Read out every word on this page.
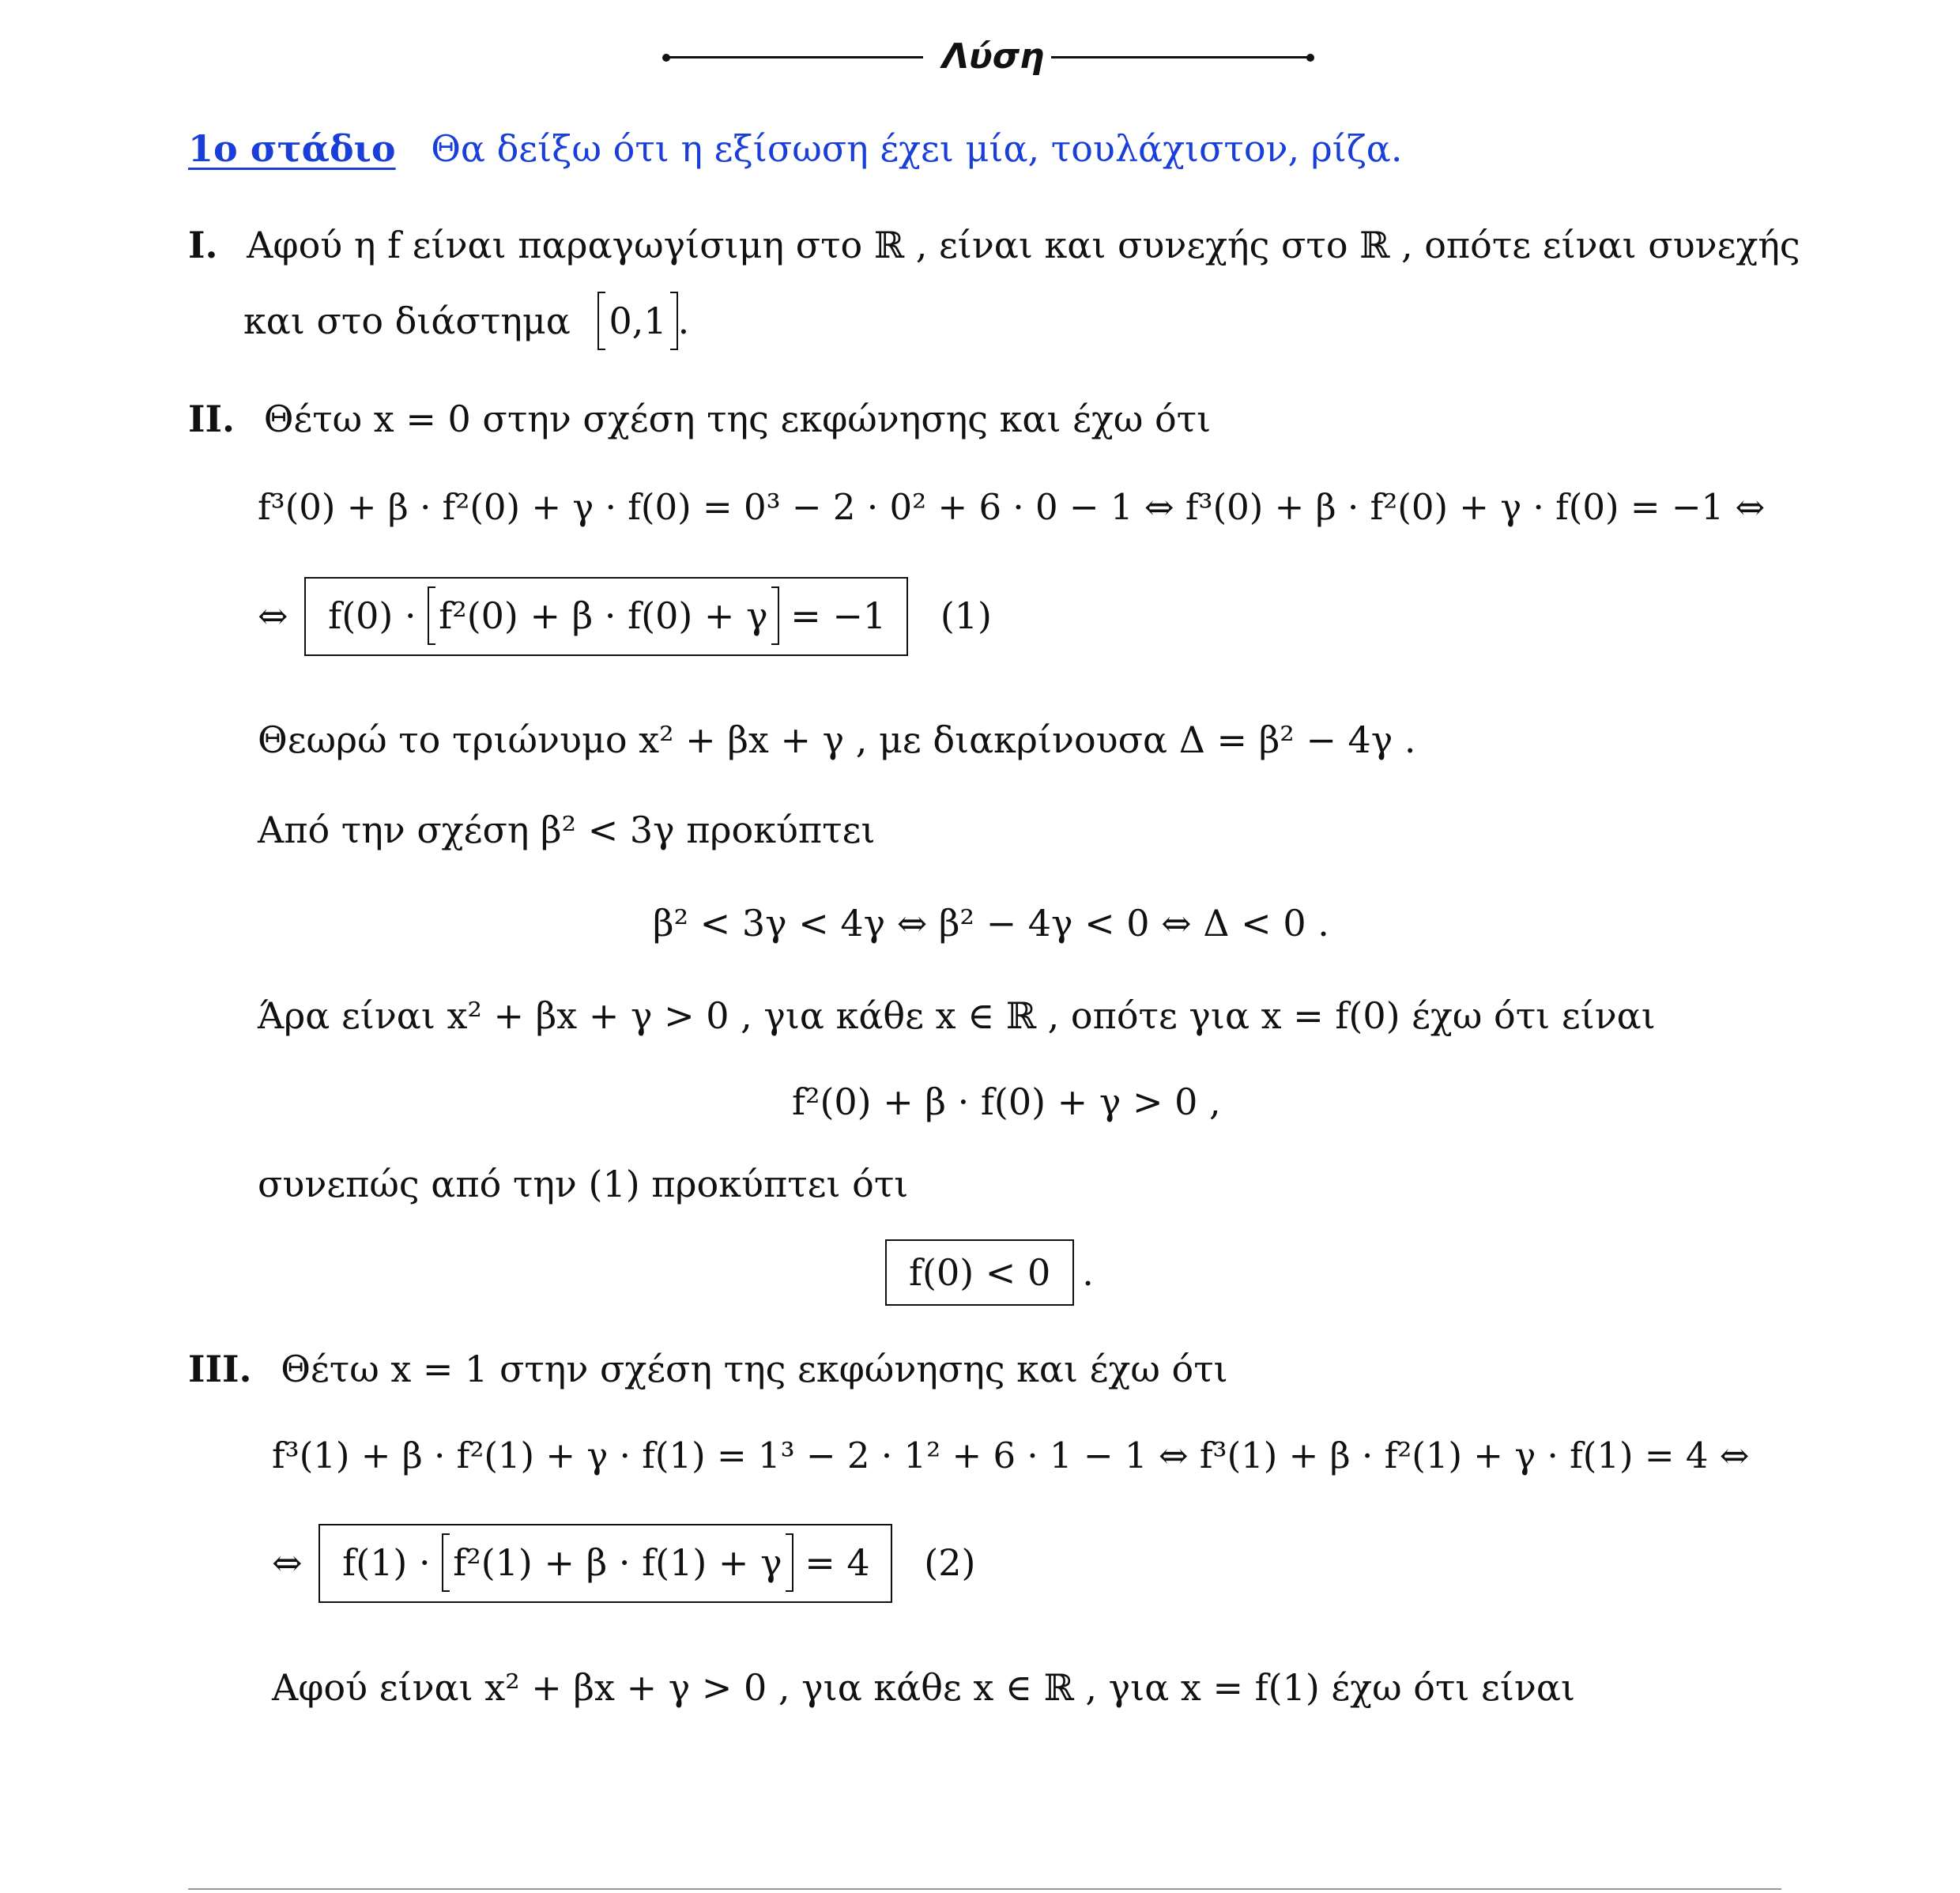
Λύση
1ο στάδιο Θα δείξω ότι η εξίσωση έχει μία, τουλάχιστον, ρίζα.
I. Αφού η f είναι παραγωγίσιμη στο ℝ , είναι και συνεχής στο ℝ , οπότε είναι συνεχής
και στο διάστημα 0,1 .
II. Θέτω x = 0 στην σχέση της εκφώνησης και έχω ότι
f³(0) + β · f²(0) + γ · f(0) = 0³ − 2 · 0² + 6 · 0 − 1 ⇔ f³(0) + β · f²(0) + γ · f(0) = −1 ⇔
⇔ f(0) · f²(0) + β · f(0) + γ = −1 (1)
Θεωρώ το τριώνυμο x² + βx + γ , με διακρίνουσα Δ = β² − 4γ .
Από την σχέση β² < 3γ προκύπτει
β² < 3γ < 4γ ⇔ β² − 4γ < 0 ⇔ Δ < 0 .
Άρα είναι x² + βx + γ > 0 , για κάθε x ∈ ℝ , οπότε για x = f(0) έχω ότι είναι
f²(0) + β · f(0) + γ > 0 ,
συνεπώς από την (1) προκύπτει ότι
f(0) < 0 .
III. Θέτω x = 1 στην σχέση της εκφώνησης και έχω ότι
f³(1) + β · f²(1) + γ · f(1) = 1³ − 2 · 1² + 6 · 1 − 1 ⇔ f³(1) + β · f²(1) + γ · f(1) = 4 ⇔
⇔ f(1) · f²(1) + β · f(1) + γ = 4 (2)
Αφού είναι x² + βx + γ > 0 , για κάθε x ∈ ℝ , για x = f(1) έχω ότι είναι
